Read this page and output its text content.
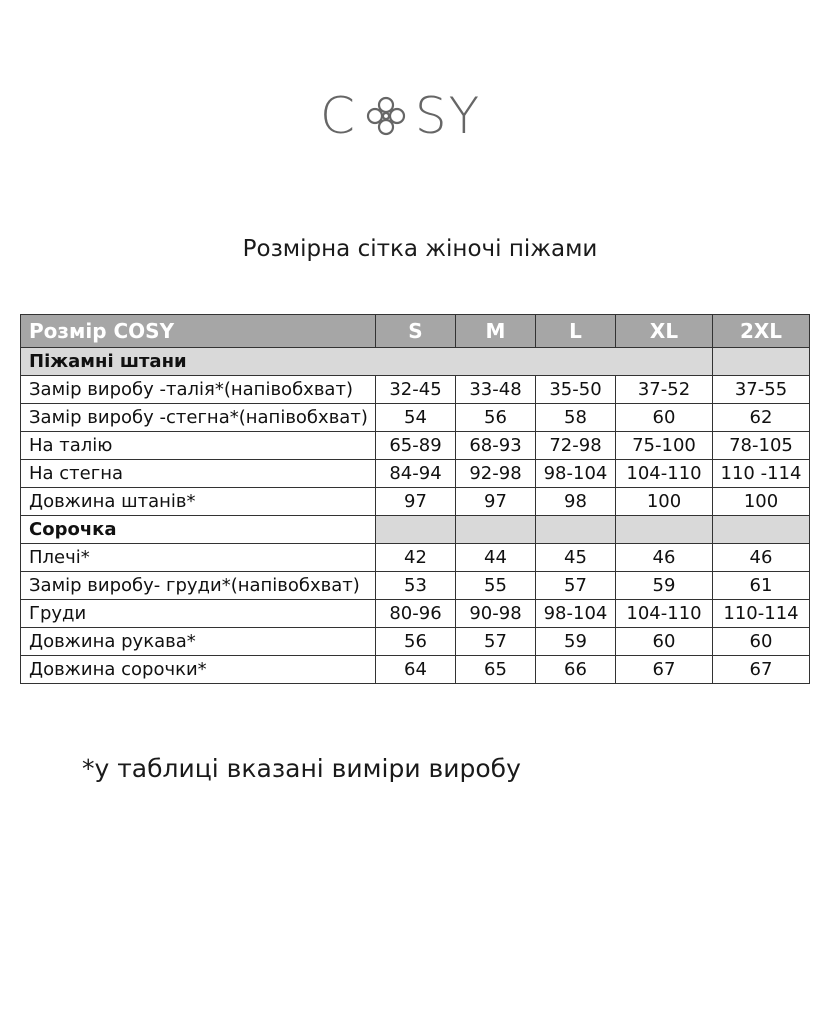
C SY
Розмірна сітка жіночі піжами
Розмір COSY	S	M	L	XL	2XL
Піжамні штани					
Замір виробу -талія*(напівобхват)	32-45	33-48	35-50	37-52	37-55
Замір виробу -стегна*(напівобхват)	54	56	58	60	62
На талію	65-89	68-93	72-98	75-100	78-105
На стегна	84-94	92-98	98-104	104-110	110 -114
Довжина штанів*	97	97	98	100	100
Сорочка					
Плечі*	42	44	45	46	46
Замір виробу- груди*(напівобхват)	53	55	57	59	61
Груди	80-96	90-98	98-104	104-110	110-114
Довжина рукава*	56	57	59	60	60
Довжина сорочки*	64	65	66	67	67
*у таблиці вказані виміри виробу
